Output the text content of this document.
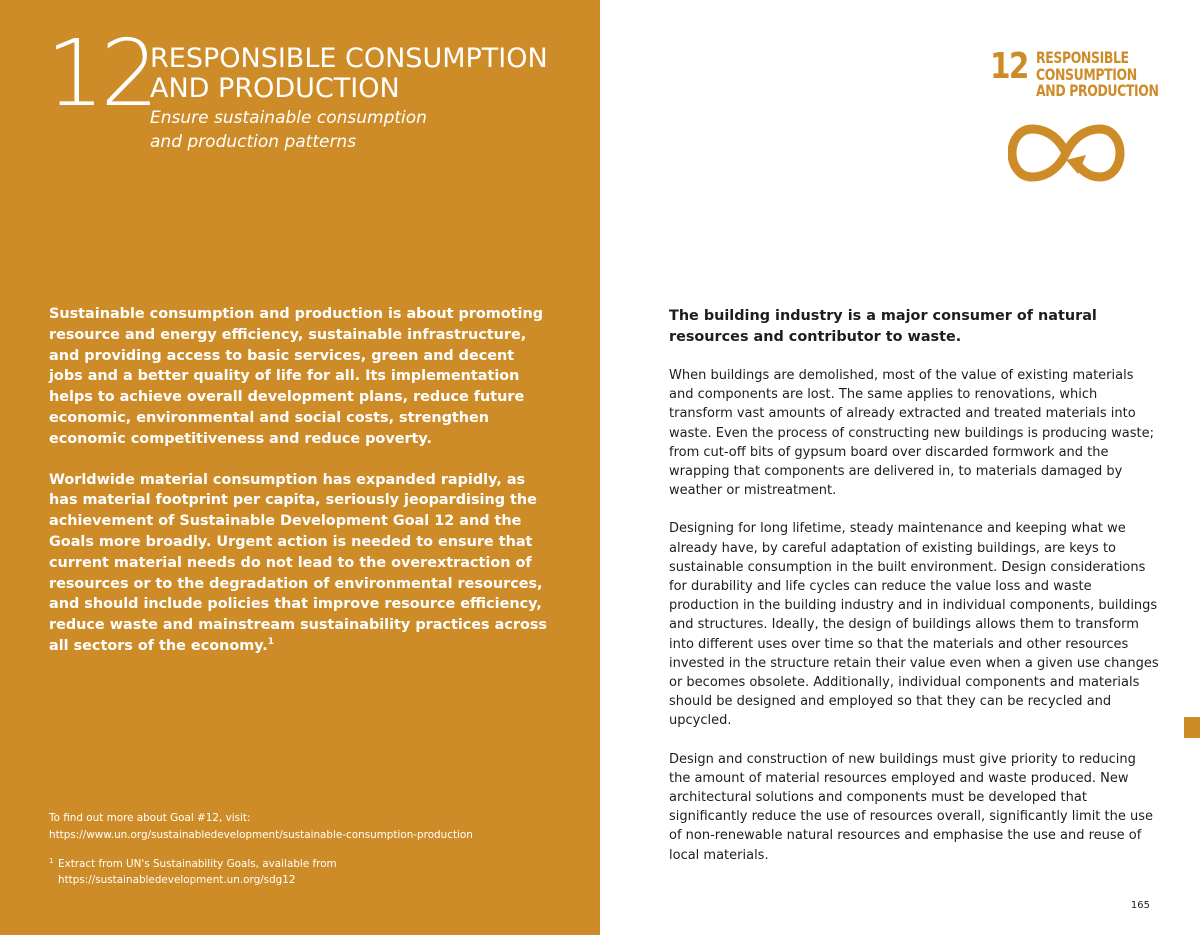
12
RESPONSIBLE CONSUMPTION
AND PRODUCTION
Ensure sustainable consumption
and production patterns

Sustainable consumption and production is about promoting resource and energy efficiency, sustainable infrastructure, and providing access to basic services, green and decent jobs and a better quality of life for all. Its implementation helps to achieve overall development plans, reduce future economic, environmental and social costs, strengthen economic competitiveness and reduce poverty.

Worldwide material consumption has expanded rapidly, as has material footprint per capita, seriously jeopardising the achievement of Sustainable Development Goal 12 and the Goals more broadly. Urgent action is needed to ensure that current material needs do not lead to the overextraction of resources or to the degradation of environmental resources, and should include policies that improve resource efficiency, reduce waste and mainstream sustainability practices across all sectors of the economy.$^1$

To find out more about Goal #12, visit:
https://www.un.org/sustainabledevelopment/sustainable-consumption-production
1 Extract from UN's Sustainability Goals, available from
https://sustainabledevelopment.un.org/sdg12
12 RESPONSIBLE
CONSUMPTION
AND PRODUCTION
The building industry is a major consumer of natural resources and contributor to waste.

When buildings are demolished, most of the value of existing materials and components are lost. The same applies to renovations, which transform vast amounts of already extracted and treated materials into waste. Even the process of constructing new buildings is producing waste; from cut-off bits of gypsum board over discarded formwork and the wrapping that components are delivered in, to materials damaged by weather or mistreatment.

Designing for long lifetime, steady maintenance and keeping what we already have, by careful adaptation of existing buildings, are keys to sustainable consumption in the built environment. Design considerations for durability and life cycles can reduce the value loss and waste production in the building industry and in individual components, buildings and structures. Ideally, the design of buildings allows them to transform into different uses over time so that the materials and other resources invested in the structure retain their value even when a given use changes or becomes obsolete. Additionally, individual components and materials should be designed and employed so that they can be recycled and upcycled.

Design and construction of new buildings must give priority to reducing the amount of material resources employed and waste produced. New architectural solutions and components must be developed that significantly reduce the use of resources overall, significantly limit the use of non-renewable natural resources and emphasise the use and reuse of local materials.

165
